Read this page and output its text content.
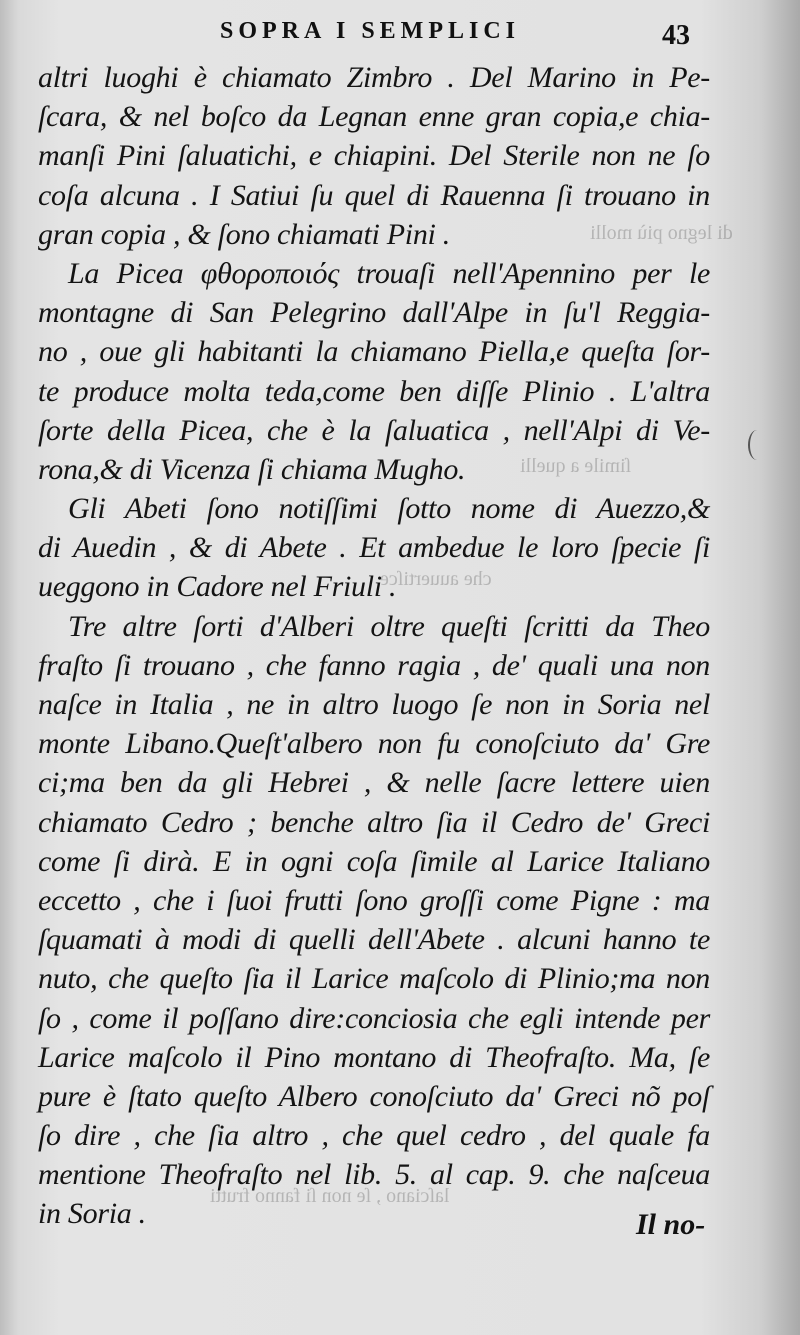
di legno più molli
ſimile a quelli
che auuertiſce
laſciano , ſe non ſi fanno frutti
SOPRA I SEMPLICI	43
altri luoghi è chiamato Zimbro . Del Marino in Pe-
ſcara, & nel boſco da Legnan enne gran copia,e chia-
manſi Pini ſaluatichi, e chiapini. Del Sterile non ne ſo
coſa alcuna . I Satiui ſu quel di Rauenna ſi trouano in
gran copia , & ſono chiamati Pini .
La Picea φθοροποιός trouaſi nell'Apennino per le
montagne di San Pelegrino dall'Alpe in ſu'l Reggia-
no , oue gli habitanti la chiamano Piella,e queſta ſor-
te produce molta teda,come ben diſſe Plinio . L'altra
ſorte della Picea, che è la ſaluatica , nell'Alpi di Ve-
rona,& di Vicenza ſi chiama Mugho.
Gli Abeti ſono notiſſimi ſotto nome di Auezzo,&
di Auedin , & di Abete . Et ambedue le loro ſpecie ſi
ueggono in Cadore nel Friuli .
Tre altre ſorti d'Alberi oltre queſti ſcritti da Theo
fraſto ſi trouano , che fanno ragia , de' quali una non
naſce in Italia , ne in altro luogo ſe non in Soria nel
monte Libano.Queſt'albero non fu conoſciuto da' Gre
ci;ma ben da gli Hebrei , & nelle ſacre lettere uien
chiamato Cedro ; benche altro ſia il Cedro de' Greci
come ſi dirà. E in ogni coſa ſimile al Larice Italiano
eccetto , che i ſuoi frutti ſono groſſi come Pigne : ma
ſquamati à modi di quelli dell'Abete . alcuni hanno te
nuto, che queſto ſia il Larice maſcolo di Plinio;ma non
ſo , come il poſſano dire:conciosia che egli intende per
Larice maſcolo il Pino montano di Theofraſto. Ma, ſe
pure è ſtato queſto Albero conoſciuto da' Greci nõ poſ
ſo dire , che ſia altro , che quel cedro , del quale fa
mentione Theofraſto nel lib. 5. al cap. 9. che naſceua
in Soria .	Il no-
